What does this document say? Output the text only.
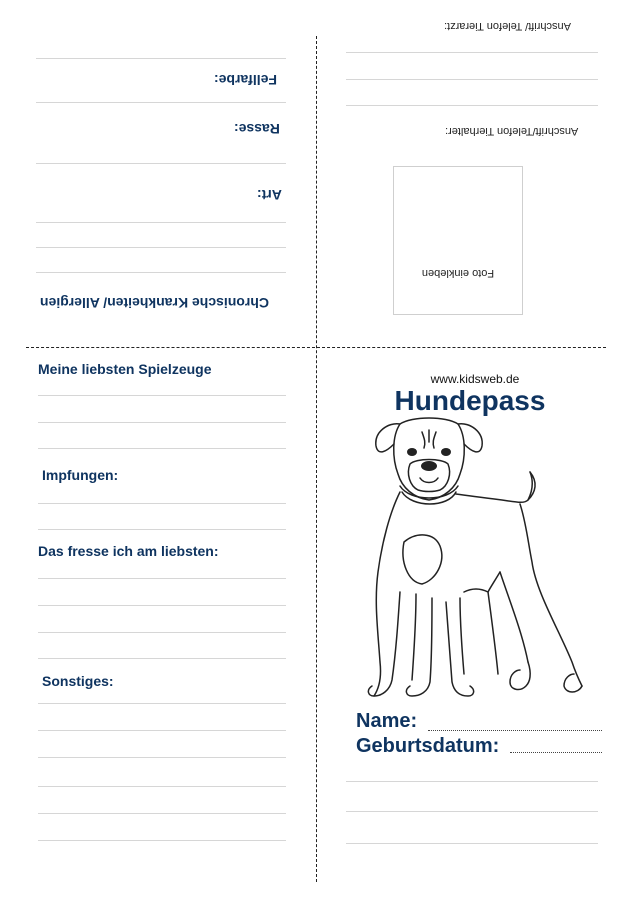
Fellfarbe:
Rasse:
Art:
Chronische Krankheiten/ Allergien
Anschrift/ Telefon Tierarzt:
Anschrift/Telefon Tierhalter:
Foto einkleben
Meine liebsten Spielzeuge
Impfungen:
Das fresse ich am liebsten:
Sonstiges:
www.kidsweb.de
Hundepass
Name:
Geburtsdatum:
